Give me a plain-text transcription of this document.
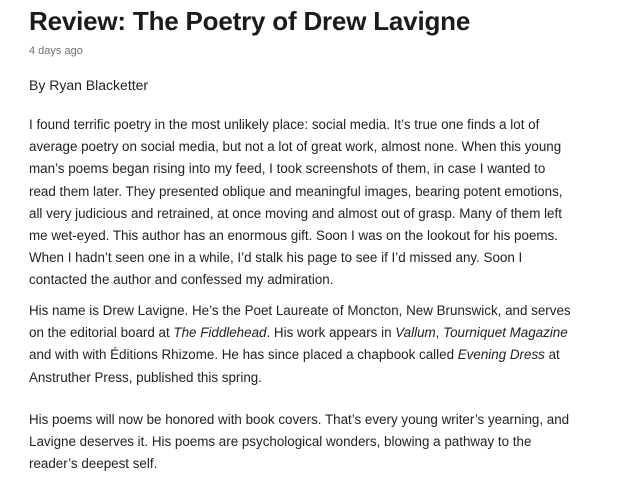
Review: The Poetry of Drew Lavigne
4 days ago
By Ryan Blacketter

I found terrific poetry in the most unlikely place: social media. It’s true one finds a lot of
average poetry on social media, but not a lot of great work, almost none. When this young
man’s poems began rising into my feed, I took screenshots of them, in case I wanted to
read them later. They presented oblique and meaningful images, bearing potent emotions,
all very judicious and retrained, at once moving and almost out of grasp. Many of them left
me wet-eyed. This author has an enormous gift. Soon I was on the lookout for his poems.
When I hadn’t seen one in a while, I’d stalk his page to see if I’d missed any. Soon I
contacted the author and confessed my admiration.

His name is Drew Lavigne. He’s the Poet Laureate of Moncton, New Brunswick, and serves
on the editorial board at The Fiddlehead. His work appears in Vallum, Tourniquet Magazine
and with with Éditions Rhizome. He has since placed a chapbook called Evening Dress at
Anstruther Press, published this spring.

His poems will now be honored with book covers. That’s every young writer’s yearning, and
Lavigne deserves it. His poems are psychological wonders, blowing a pathway to the
reader’s deepest self.
